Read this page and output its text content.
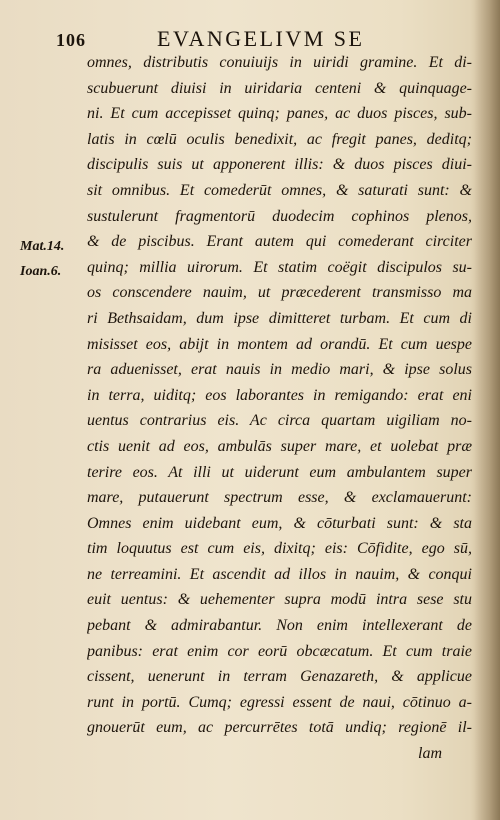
106	EVANGELIVM SE
Mat.14.
Ioan.6.
omnes, distributis conuiuijs in uiridi gramine. Et di-
scubuerunt diuisi in uiridaria centeni & quinquage-
ni. Et cum accepisset quinq; panes, ac duos pisces, sub-
latis in cœlū oculis benedixit, ac fregit panes, deditq;
discipulis suis ut apponerent illis: & duos pisces diui-
sit omnibus. Et comederūt omnes, & saturati sunt: &
sustulerunt fragmentorū duodecim cophinos plenos,
& de piscibus. Erant autem qui comederant circiter
quinq; millia uirorum. Et statim coëgit discipulos su-
os conscendere nauim, ut præcederent transmisso ma
ri Bethsaidam, dum ipse dimitteret turbam. Et cum di
misisset eos, abijt in montem ad orandū. Et cum uespe
ra aduenisset, erat nauis in medio mari, & ipse solus
in terra, uiditq; eos laborantes in remigando: erat eni
uentus contrarius eis. Ac circa quartam uigiliam no-
ctis uenit ad eos, ambulās super mare, et uolebat præ
terire eos. At illi ut uiderunt eum ambulantem super
mare, putauerunt spectrum esse, & exclamauerunt:
Omnes enim uidebant eum, & cōturbati sunt: & sta
tim loquutus est cum eis, dixitq; eis: Cōfidite, ego sū,
ne terreamini. Et ascendit ad illos in nauim, & conqui
euit uentus: & uehementer supra modū intra sese stu
pebant & admirabantur. Non enim intellexerant de
panibus: erat enim cor eorū obcæcatum. Et cum traie
cissent, uenerunt in terram Genazareth, & applicue
runt in portū. Cumq; egressi essent de naui, cōtinuo a-
gnouerūt eum, ac percurrētes totā undiq; regionē il-
lam
